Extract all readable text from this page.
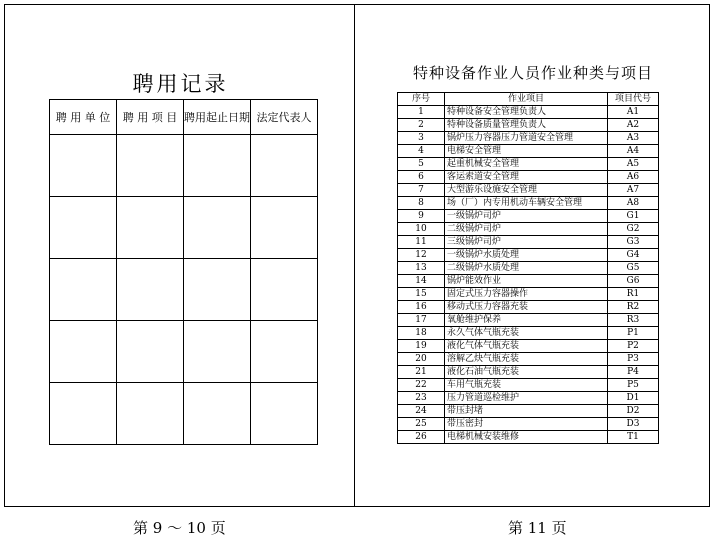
聘用记录
聘 用 单 位	聘 用 项 目	聘用起止日期	法定代表人

特种设备作业人员作业种类与项目
序号	作业项目	项目代号
1	特种设备安全管理负责人	A1
2	特种设备质量管理负责人	A2
3	锅炉压力容器压力管道安全管理	A3
4	电梯安全管理	A4
5	起重机械安全管理	A5
6	客运索道安全管理	A6
7	大型游乐设施安全管理	A7
8	场（厂）内专用机动车辆安全管理	A8
9	一级锅炉司炉	G1
10	二级锅炉司炉	G2
11	三级锅炉司炉	G3
12	一级锅炉水质处理	G4
13	二级锅炉水质处理	G5
14	锅炉能效作业	G6
15	固定式压力容器操作	R1
16	移动式压力容器充装	R2
17	氧舱维护保养	R3
18	永久气体气瓶充装	P1
19	液化气体气瓶充装	P2
20	溶解乙炔气瓶充装	P3
21	液化石油气瓶充装	P4
22	车用气瓶充装	P5
23	压力管道巡检维护	D1
24	带压封堵	D2
25	带压密封	D3
26	电梯机械安装维修	T1
第 9 ～ 10 页	第 11 页
